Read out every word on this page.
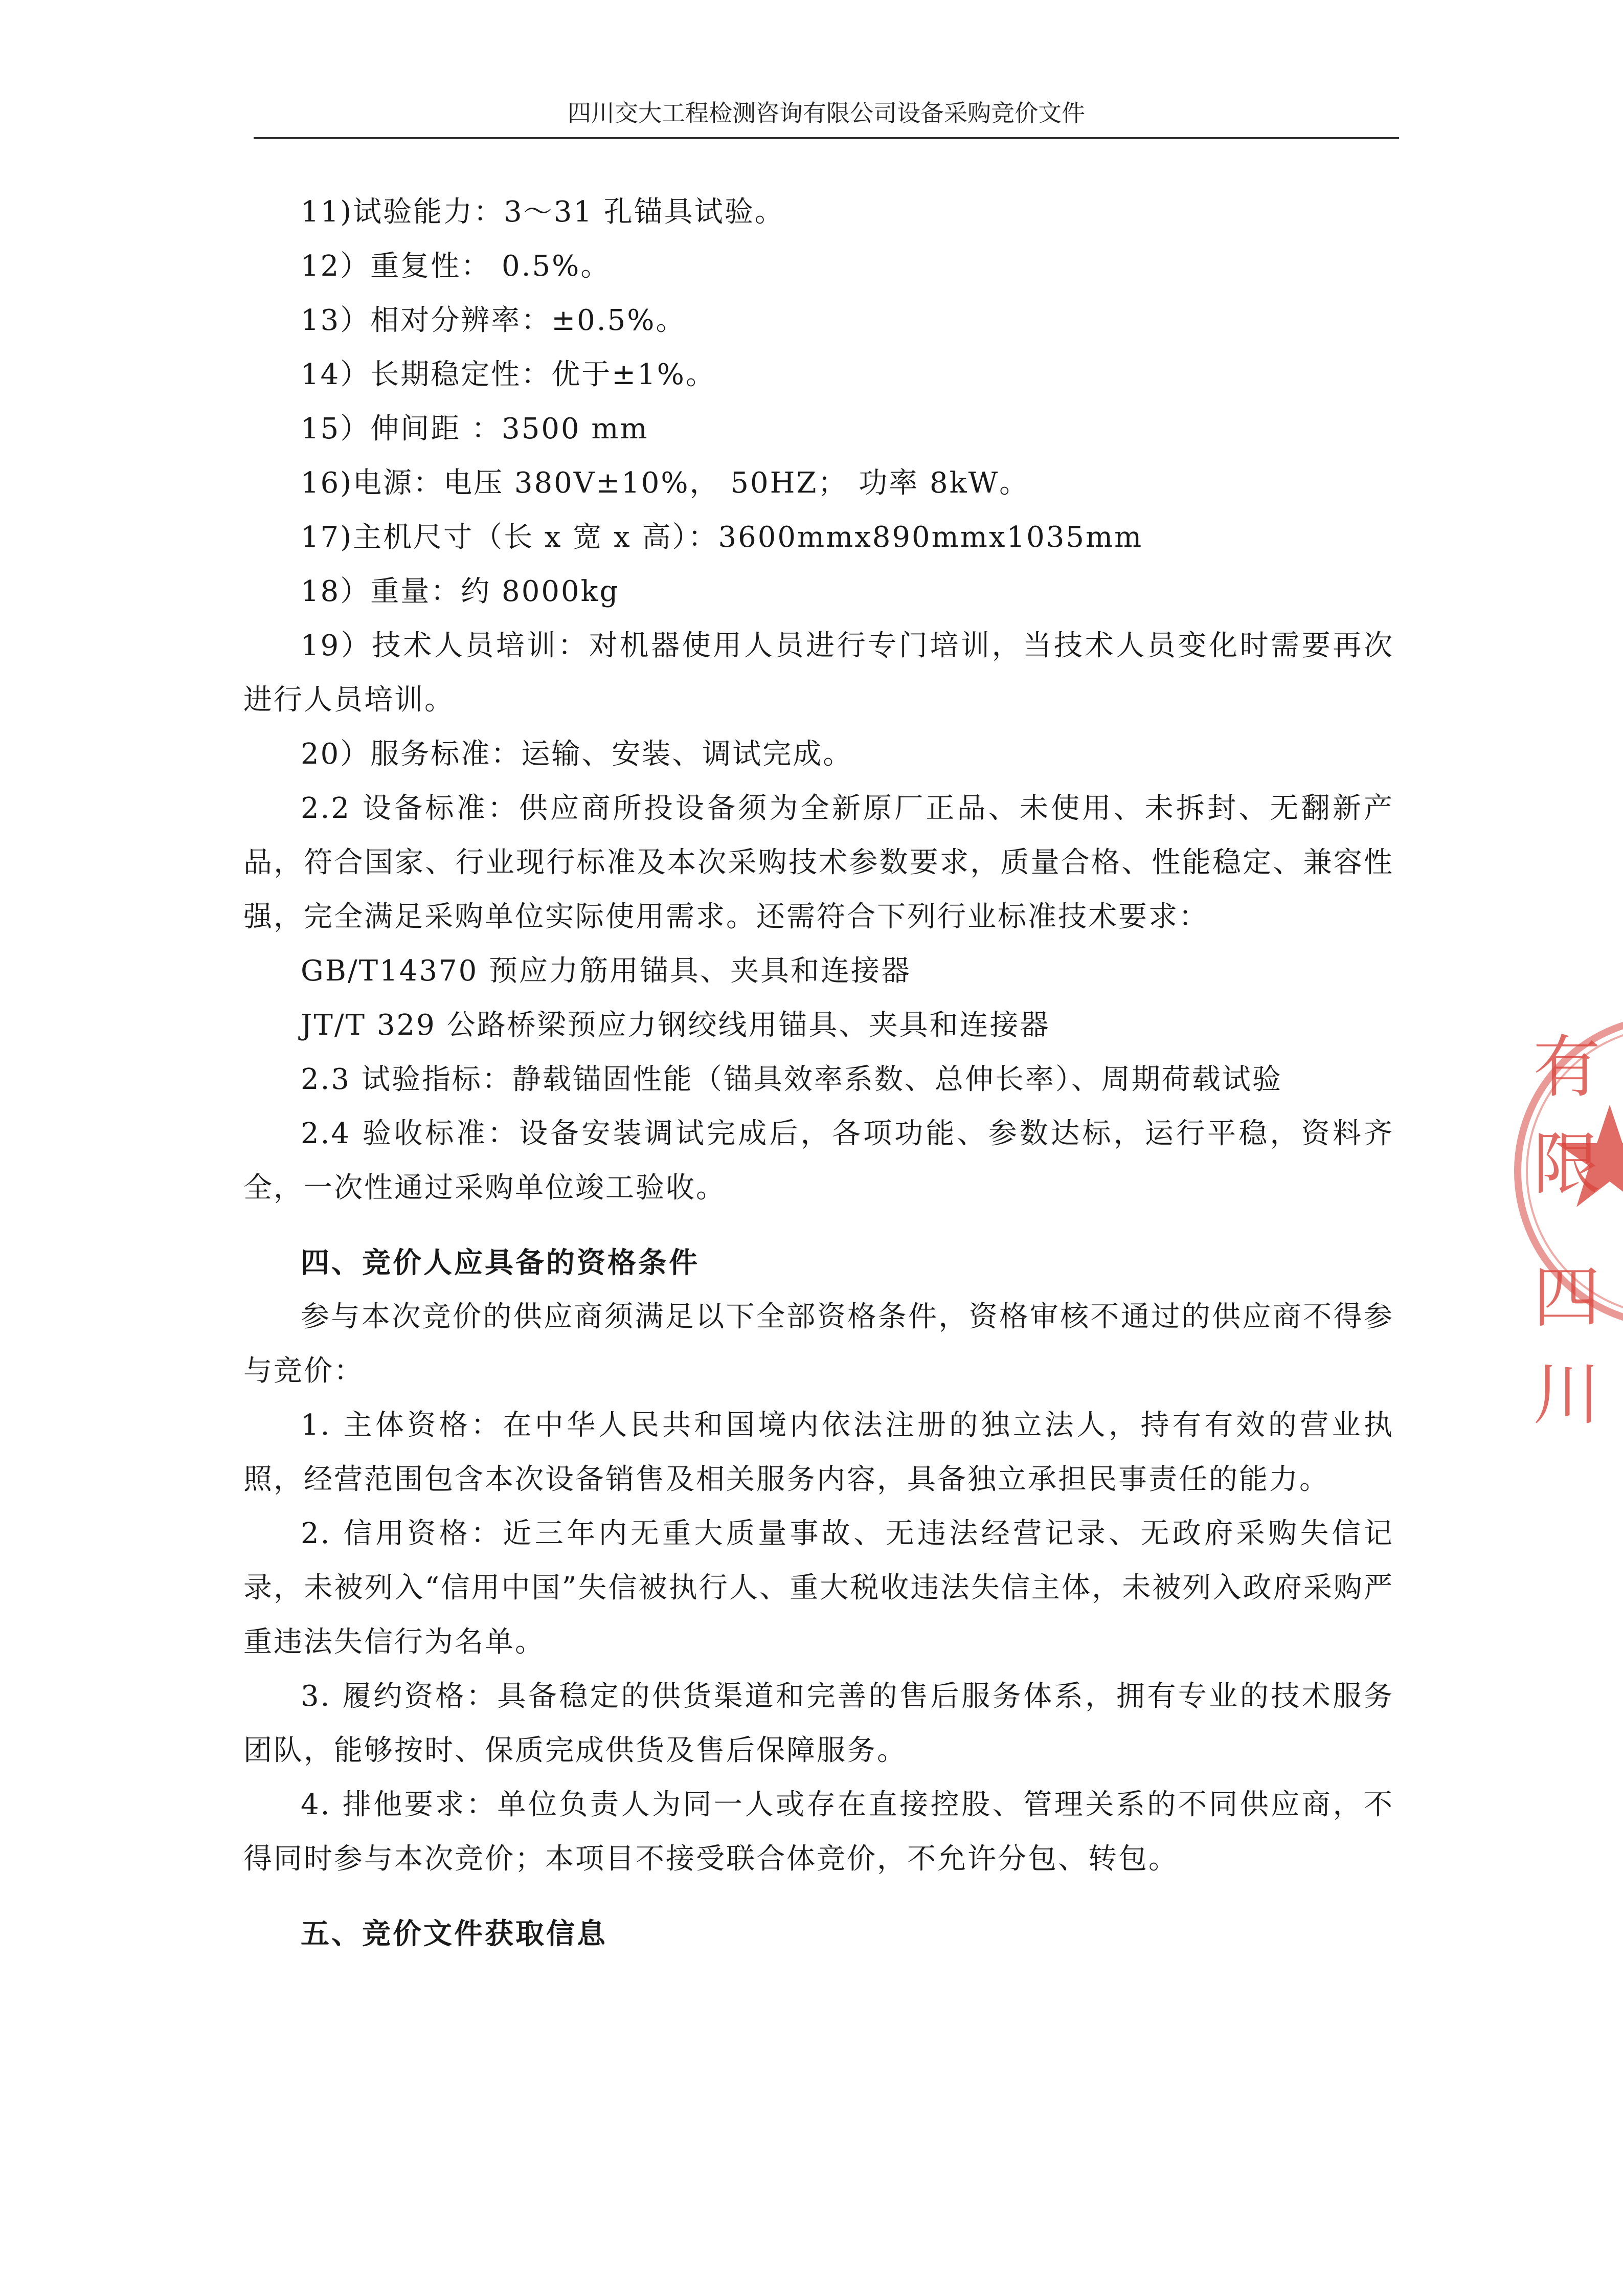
四川交大工程检测咨询有限公司设备采购竞价文件

11)试验能力：3～31 孔锚具试验。

12）重复性： 0.5%。

13）相对分辨率：±0.5%。

14）长期稳定性：优于±1%。

15）伸间距 ：3500 mm

16)电源：电压 380V±10%， 50HZ； 功率 8kW。

17)主机尺寸（长 x 宽 x 高）：3600mmx890mmx1035mm

18）重量：约 8000kg

19）技术人员培训：对机器使用人员进行专门培训，当技术人员变化时需要再次进行人员培训。

20）服务标准：运输、安装、调试完成。

2.2 设备标准：供应商所投设备须为全新原厂正品、未使用、未拆封、无翻新产品，符合国家、行业现行标准及本次采购技术参数要求，质量合格、性能稳定、兼容性强，完全满足采购单位实际使用需求。还需符合下列行业标准技术要求：

GB/T14370 预应力筋用锚具、夹具和连接器

JT/T 329 公路桥梁预应力钢绞线用锚具、夹具和连接器

2.3 试验指标：静载锚固性能（锚具效率系数、总伸长率）、周期荷载试验

2.4 验收标准：设备安装调试完成后，各项功能、参数达标，运行平稳，资料齐全，一次性通过采购单位竣工验收。

四、竞价人应具备的资格条件

参与本次竞价的供应商须满足以下全部资格条件，资格审核不通过的供应商不得参与竞价：

1. 主体资格：在中华人民共和国境内依法注册的独立法人，持有有效的营业执照，经营范围包含本次设备销售及相关服务内容，具备独立承担民事责任的能力。

2. 信用资格：近三年内无重大质量事故、无违法经营记录、无政府采购失信记录，未被列入“信用中国”失信被执行人、重大税收违法失信主体，未被列入政府采购严重违法失信行为名单。

3. 履约资格：具备稳定的供货渠道和完善的售后服务体系，拥有专业的技术服务团队，能够按时、保质完成供货及售后保障服务。

4. 排他要求：单位负责人为同一人或存在直接控股、管理关系的不同供应商，不得同时参与本次竞价；本项目不接受联合体竞价，不允许分包、转包。

五、竞价文件获取信息

有限
四川
